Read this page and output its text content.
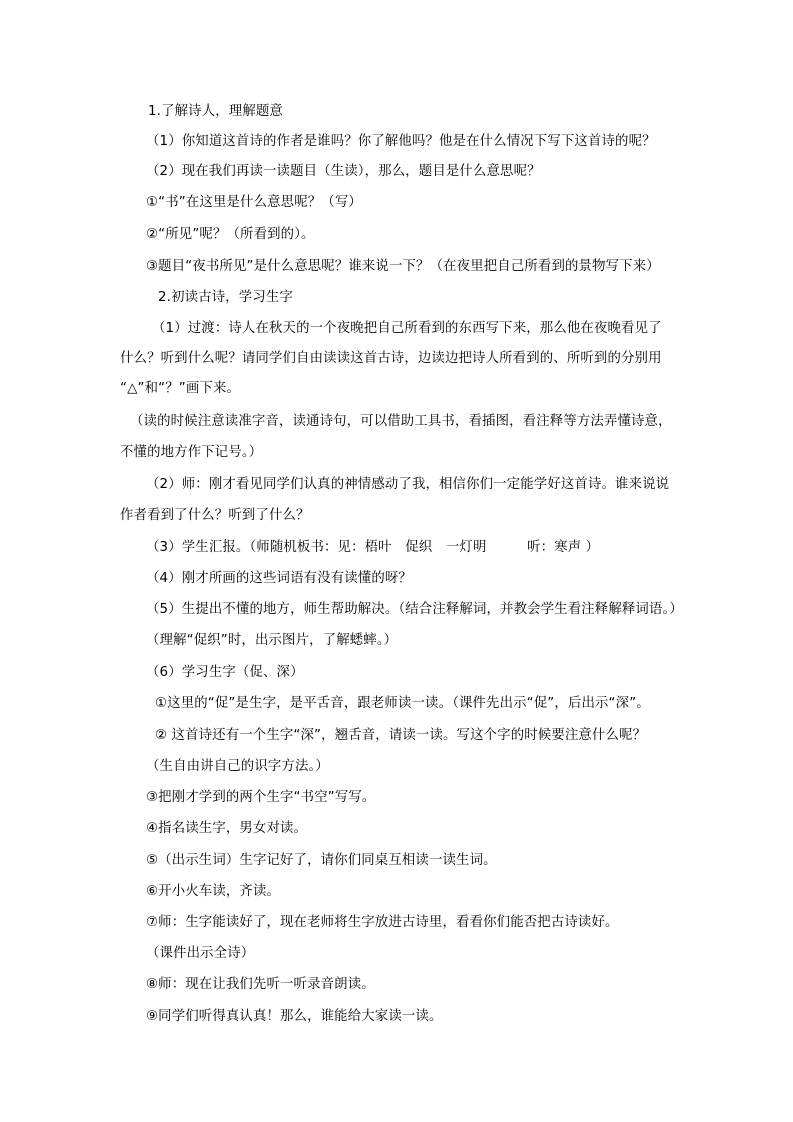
1.了解诗人，理解题意
（1）你知道这首诗的作者是谁吗？你了解他吗？他是在什么情况下写下这首诗的呢？
（2）现在我们再读一读题目（生读），那么，题目是什么意思呢？
①“书”在这里是什么意思呢？（写）
②“所见”呢？（所看到的）。
③题目“夜书所见”是什么意思呢？谁来说一下？（在夜里把自己所看到的景物写下来）
2.初读古诗，学习生字
（1）过渡：诗人在秋天的一个夜晚把自己所看到的东西写下来，那么他在夜晚看见了
什么？听到什么呢？请同学们自由读读这首古诗，边读边把诗人所看到的、所听到的分别用
“△”和“？”画下来。
（读的时候注意读准字音，读通诗句，可以借助工具书，看插图，看注释等方法弄懂诗意，
不懂的地方作下记号。）
（2）师：刚才看见同学们认真的神情感动了我，相信你们一定能学好这首诗。谁来说说
作者看到了什么？听到了什么？
（3）学生汇报。（师随机板书：见：梧叶　促织　一灯明　　　听：寒声 ）
（4）刚才所画的这些词语有没有读懂的呀？
（5）生提出不懂的地方，师生帮助解决。（结合注释解词，并教会学生看注释解释词语。）
（理解“促织”时，出示图片，了解蟋蟀。）
（6）学习生字（促、深）
①这里的“促”是生字，是平舌音，跟老师读一读。（课件先出示“促”，后出示“深”。
② 这首诗还有一个生字“深”，翘舌音，请读一读。写这个字的时候要注意什么呢？
（生自由讲自己的识字方法。）
③把刚才学到的两个生字“书空”写写。
④指名读生字，男女对读。
⑤（出示生词）生字记好了，请你们同桌互相读一读生词。
⑥开小火车读，齐读。
⑦师：生字能读好了，现在老师将生字放进古诗里，看看你们能否把古诗读好。
（课件出示全诗）
⑧师：现在让我们先听一听录音朗读。
⑨同学们听得真认真！那么，谁能给大家读一读。
